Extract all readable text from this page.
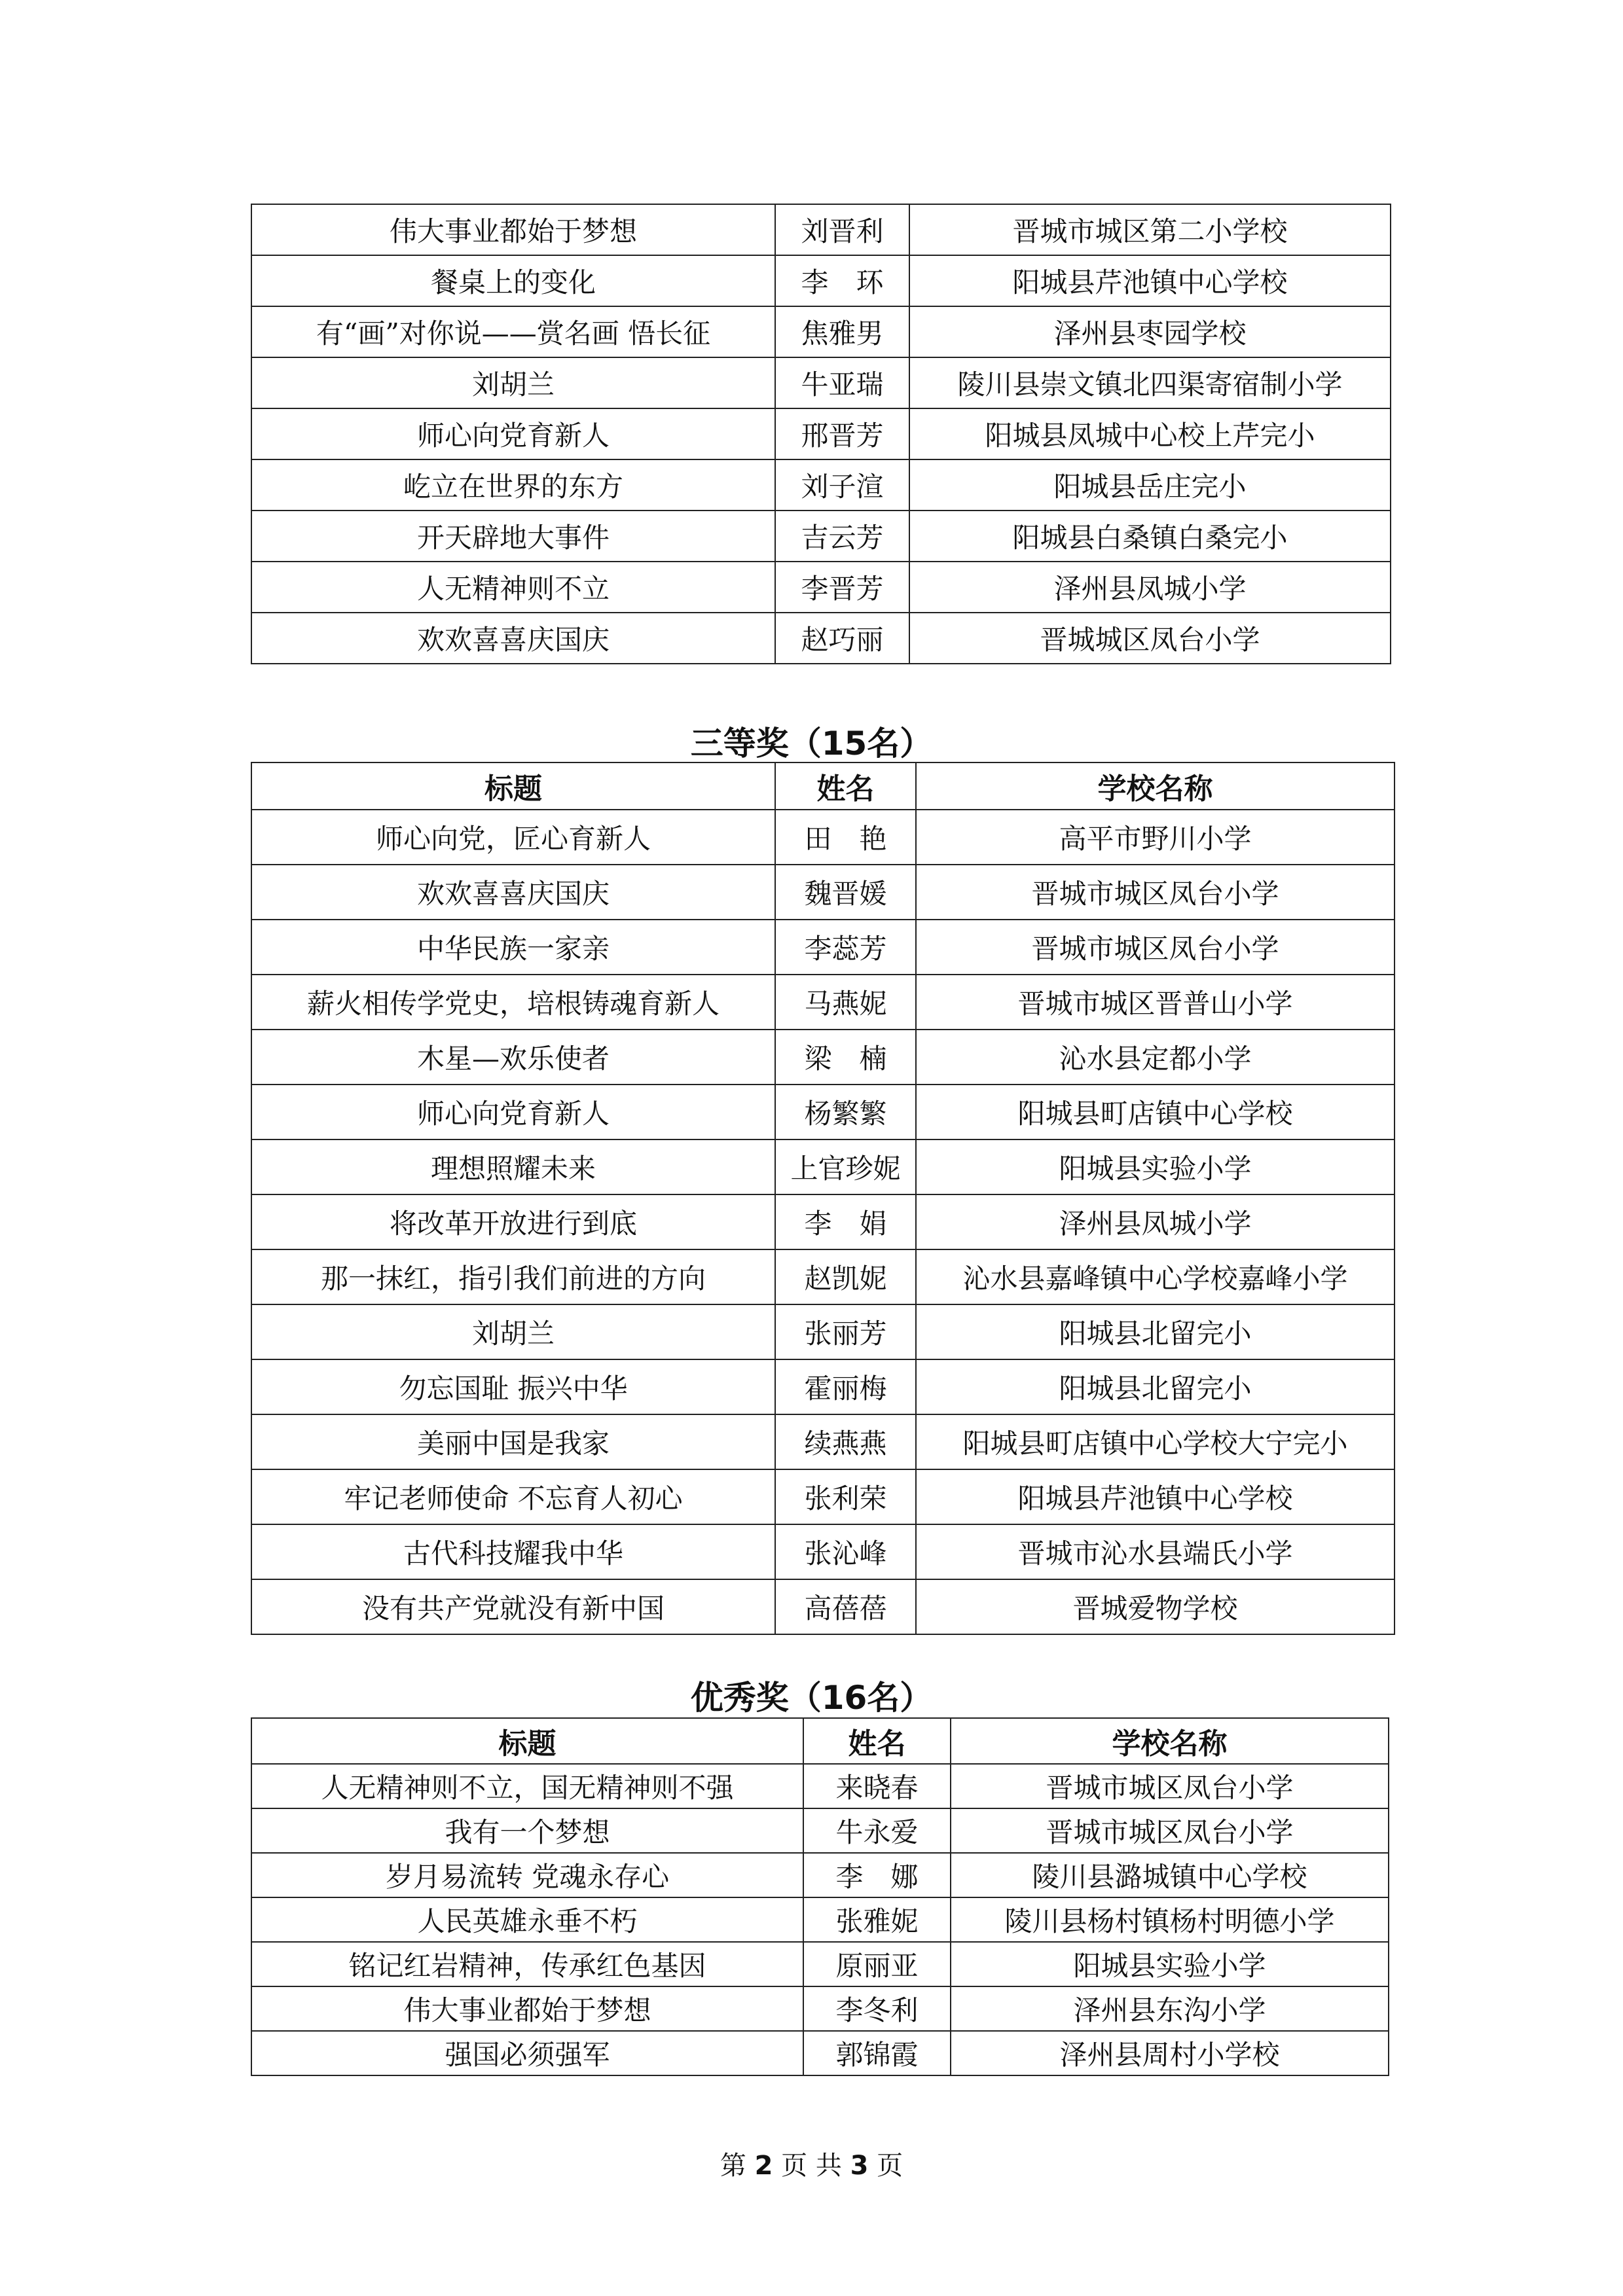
伟大事业都始于梦想	刘晋利	晋城市城区第二小学校
餐桌上的变化	李　环	阳城县芹池镇中心学校
有“画”对你说——赏名画 悟长征	焦雅男	泽州县枣园学校
刘胡兰	牛亚瑞	陵川县崇文镇北四渠寄宿制小学
师心向党育新人	邢晋芳	阳城县凤城中心校上芹完小
屹立在世界的东方	刘子渲	阳城县岳庄完小
开天辟地大事件	吉云芳	阳城县白桑镇白桑完小
人无精神则不立	李晋芳	泽州县凤城小学
欢欢喜喜庆国庆	赵巧丽	晋城城区凤台小学
三等奖（15名）
标题	姓名	学校名称
师心向党，匠心育新人	田　艳	高平市野川小学
欢欢喜喜庆国庆	魏晋媛	晋城市城区凤台小学
中华民族一家亲	李蕊芳	晋城市城区凤台小学
薪火相传学党史，培根铸魂育新人	马燕妮	晋城市城区晋普山小学
木星—欢乐使者	梁　楠	沁水县定都小学
师心向党育新人	杨繁繁	阳城县町店镇中心学校
理想照耀未来	上官珍妮	阳城县实验小学
将改革开放进行到底	李　娟	泽州县凤城小学
那一抹红，指引我们前进的方向	赵凯妮	沁水县嘉峰镇中心学校嘉峰小学
刘胡兰	张丽芳	阳城县北留完小
勿忘国耻 振兴中华	霍丽梅	阳城县北留完小
美丽中国是我家	续燕燕	阳城县町店镇中心学校大宁完小
牢记老师使命 不忘育人初心	张利荣	阳城县芹池镇中心学校
古代科技耀我中华	张沁峰	晋城市沁水县端氏小学
没有共产党就没有新中国	高蓓蓓	晋城爱物学校
优秀奖（16名）
标题	姓名	学校名称
人无精神则不立，国无精神则不强	来晓春	晋城市城区凤台小学
我有一个梦想	牛永爱	晋城市城区凤台小学
岁月易流转 党魂永存心	李　娜	陵川县潞城镇中心学校
人民英雄永垂不朽	张雅妮	陵川县杨村镇杨村明德小学
铭记红岩精神，传承红色基因	原丽亚	阳城县实验小学
伟大事业都始于梦想	李冬利	泽州县东沟小学
强国必须强军	郭锦霞	泽州县周村小学校
第 2 页 共 3 页
